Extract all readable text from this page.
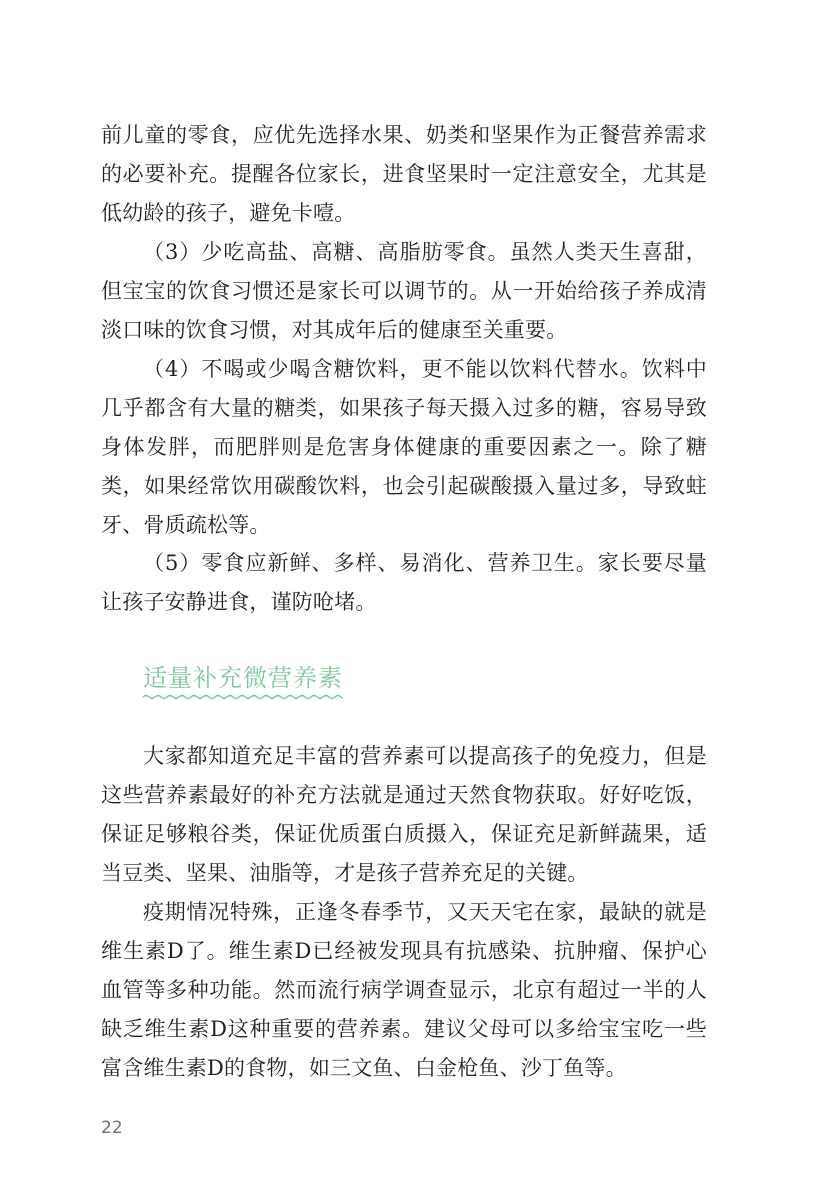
前儿童的零食，应优先选择水果、奶类和坚果作为正餐营养需求的必要补充。提醒各位家长，进食坚果时一定注意安全，尤其是低幼龄的孩子，避免卡噎。

（3）少吃高盐、高糖、高脂肪零食。虽然人类天生喜甜，但宝宝的饮食习惯还是家长可以调节的。从一开始给孩子养成清淡口味的饮食习惯，对其成年后的健康至关重要。

（4）不喝或少喝含糖饮料，更不能以饮料代替水。饮料中几乎都含有大量的糖类，如果孩子每天摄入过多的糖，容易导致身体发胖，而肥胖则是危害身体健康的重要因素之一。除了糖类，如果经常饮用碳酸饮料，也会引起碳酸摄入量过多，导致蛀牙、骨质疏松等。

（5）零食应新鲜、多样、易消化、营养卫生。家长要尽量让孩子安静进食，谨防呛堵。

适量补充微营养素

大家都知道充足丰富的营养素可以提高孩子的免疫力，但是这些营养素最好的补充方法就是通过天然食物获取。好好吃饭，保证足够粮谷类，保证优质蛋白质摄入，保证充足新鲜蔬果，适当豆类、坚果、油脂等，才是孩子营养充足的关键。

疫期情况特殊，正逢冬春季节，又天天宅在家，最缺的就是维生素D了。维生素D已经被发现具有抗感染、抗肿瘤、保护心血管等多种功能。然而流行病学调查显示，北京有超过一半的人缺乏维生素D这种重要的营养素。建议父母可以多给宝宝吃一些富含维生素D的食物，如三文鱼、白金枪鱼、沙丁鱼等。

22
